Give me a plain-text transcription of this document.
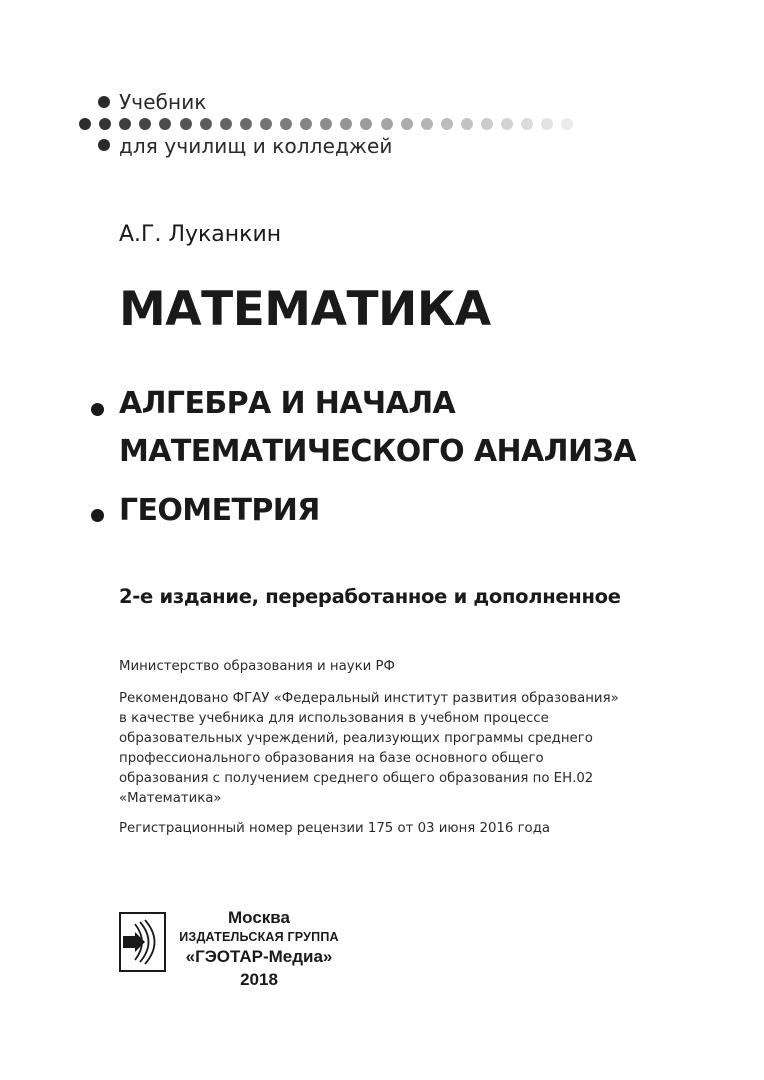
Учебник
для училищ и колледжей
А.Г. Луканкин
МАТЕМАТИКА
АЛГЕБРА И НАЧАЛА
МАТЕМАТИЧЕСКОГО АНАЛИЗА
ГЕОМЕТРИЯ
2-е издание, переработанное и дополненное
Министерство образования и науки РФ
Рекомендовано ФГАУ «Федеральный институт развития образования»
в качестве учебника для использования в учебном процессе
образовательных учреждений, реализующих программы среднего
профессионального образования на базе основного общего
образования с получением среднего общего образования по ЕН.02
«Математика»
Регистрационный номер рецензии 175 от 03 июня 2016 года
Москва
ИЗДАТЕЛЬСКАЯ ГРУППА
«ГЭОТАР-Медиа»
2018
